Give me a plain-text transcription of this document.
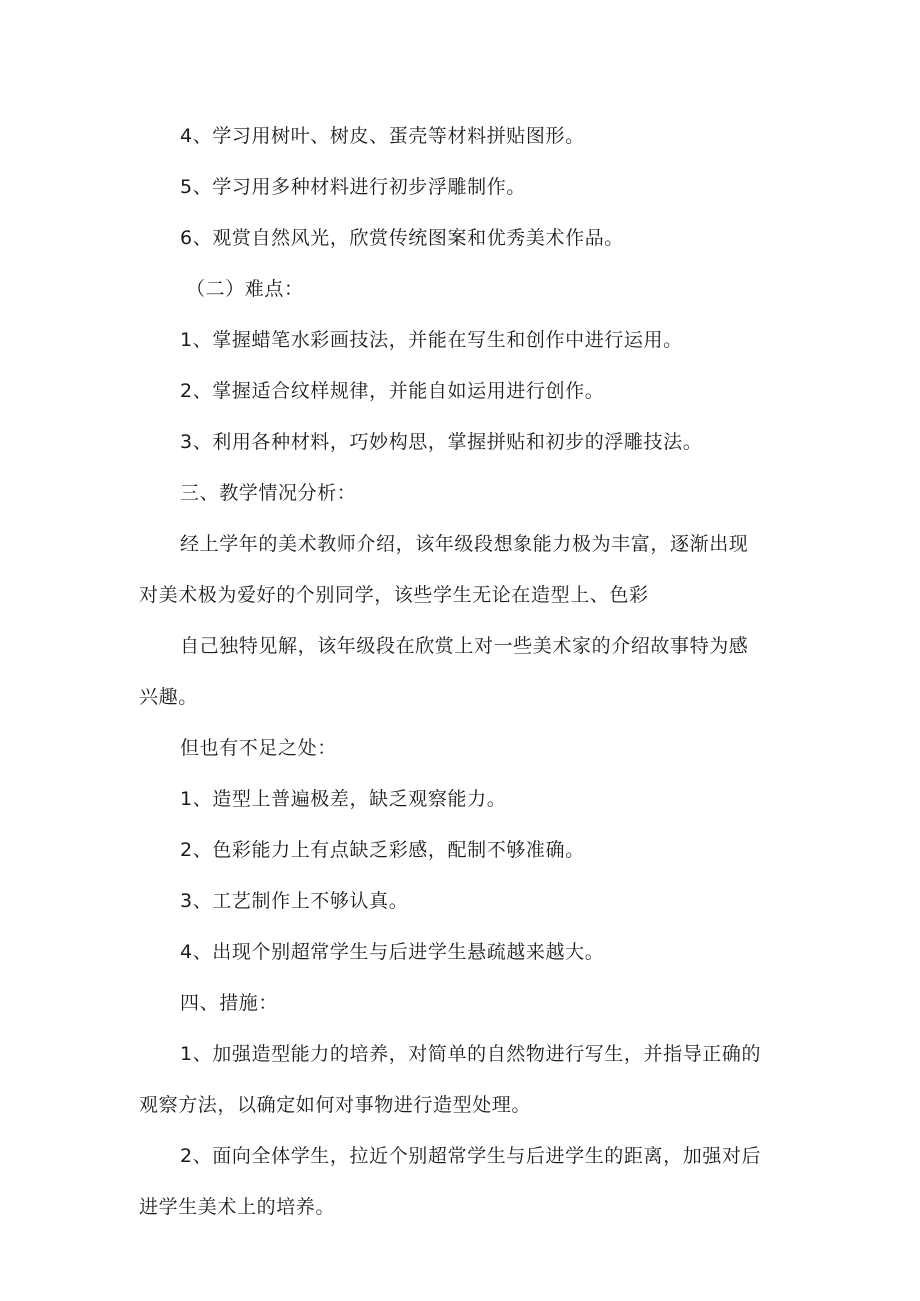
4、学习用树叶、树皮、蛋壳等材料拼贴图形。
5、学习用多种材料进行初步浮雕制作。
6、观赏自然风光，欣赏传统图案和优秀美术作品。
（二）难点：
1、掌握蜡笔水彩画技法，并能在写生和创作中进行运用。
2、掌握适合纹样规律，并能自如运用进行创作。
3、利用各种材料，巧妙构思，掌握拼贴和初步的浮雕技法。
三、教学情况分析：
经上学年的美术教师介绍，该年级段想象能力极为丰富，逐渐出现
对美术极为爱好的个别同学，该些学生无论在造型上、色彩
自己独特见解，该年级段在欣赏上对一些美术家的介绍故事特为感
兴趣。
但也有不足之处：
1、造型上普遍极差，缺乏观察能力。
2、色彩能力上有点缺乏彩感，配制不够准确。
3、工艺制作上不够认真。
4、出现个别超常学生与后进学生悬疏越来越大。
四、措施：
1、加强造型能力的培养，对简单的自然物进行写生，并指导正确的
观察方法，以确定如何对事物进行造型处理。
2、面向全体学生，拉近个别超常学生与后进学生的距离，加强对后
进学生美术上的培养。
